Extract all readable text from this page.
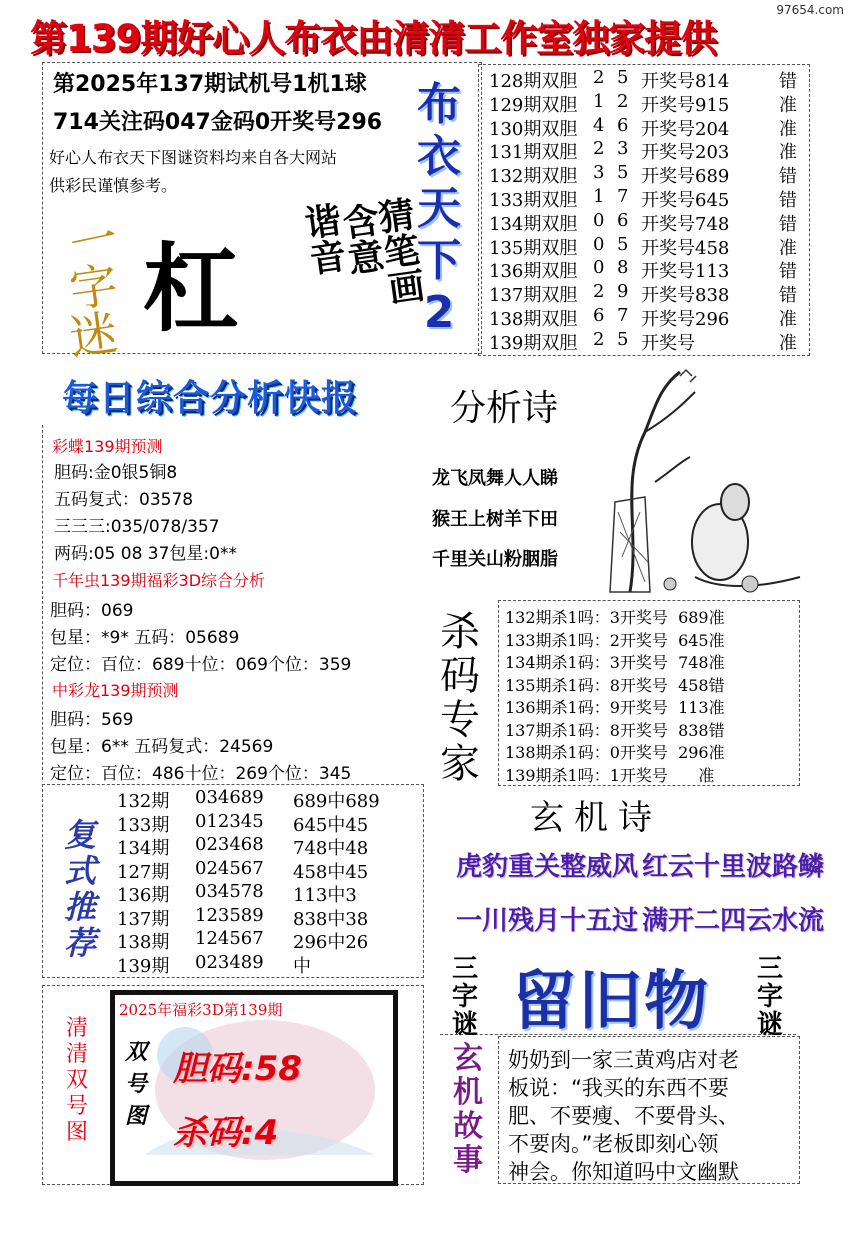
第139期好心人布衣由清清工作室独家提供
97654.com
第2025年137期试机号1机1球
714关注码047金码0开奖号296
好心人布衣天下图谜资料均来自各大网站
供彩民谨慎参考。
一
字
迷 杠	猜笔画
含意
谐音
布
衣
天
下
2
128期双胆 2 5 开奖号814	错
129期双胆 1 2 开奖号915	准
130期双胆 4 6 开奖号204	准
131期双胆 2 3 开奖号203	准
132期双胆 3 5 开奖号689	错
133期双胆 1 7 开奖号645	错
134期双胆 0 6 开奖号748	错
135期双胆 0 5 开奖号458	准
136期双胆 0 8 开奖号113	错
137期双胆 2 9 开奖号838	错
138期双胆 6 7 开奖号296	准
139期双胆 2 5 开奖号	准
每日综合分析快报
彩蝶139期预测
胆码:金0银5铜8
五码复式：03578
三三三:035/078/357
两码:05 08 37包星:0**
千年虫139期福彩3D综合分析
胆码：069
包星：*9* 五码：05689
定位：百位：689十位：069个位：359
中彩龙139期预测
胆码：569
包星：6** 五码复式：24569
定位：百位：486十位：269个位：345
分析诗
龙飞凤舞人人睇
猴王上树羊下田
千里关山粉胭脂
杀
码
专
家
132期杀1吗：3开奖号  689准
133期杀1吗：2开奖号  645准
134期杀1码：3开奖号  748准
135期杀1码：8开奖号  458错
136期杀1码：9开奖号  113准
137期杀1码：8开奖号  838错
138期杀1码：0开奖号  296准
139期杀1吗：1开奖号      准
复
式
推
荐
132期 034689 689中689
133期 012345 645中45
134期 023468 748中48
127期 024567 458中45
136期 034578 113中3
137期 123589 838中38
138期 124567 296中26
139期 023489 中
玄机诗
虎豹重关整威风 红云十里波路鳞
一川残月十五过 满开二四云水流
清
清
双
号
图
2025年福彩3D第139期
双
号
图
胆码:58
杀码:4
三
字
谜 留旧物	三
字
谜
玄
机
故
事
奶奶到一家三黄鸡店对老
板说：“我买的东西不要
肥、不要瘦、不要骨头、
不要肉。”老板即刻心领
神会。你知道吗中文幽默
